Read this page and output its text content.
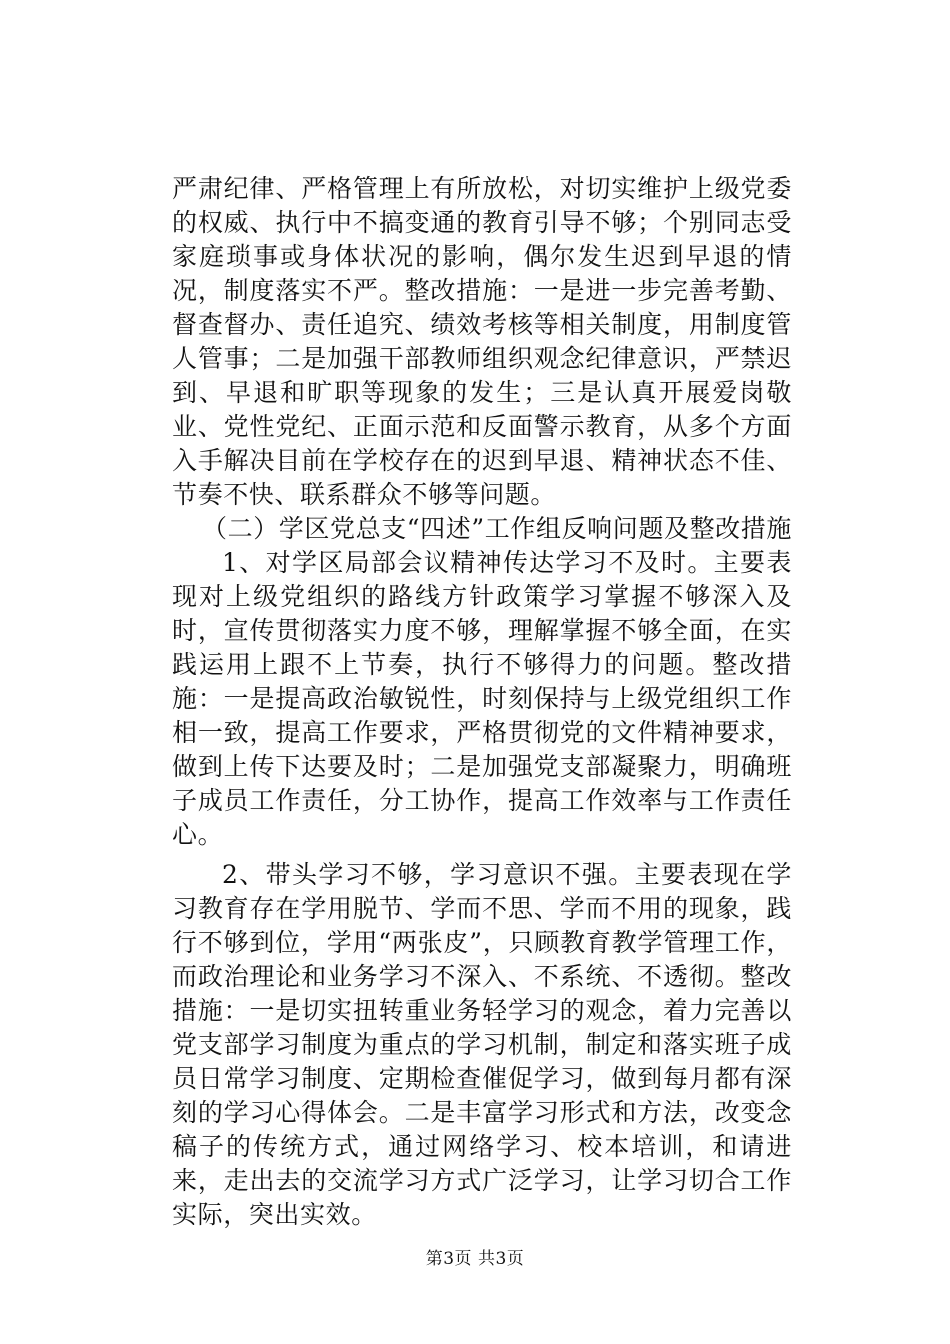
严肃纪律、严格管理上有所放松，对切实维护上级党委的权威、执行中不搞变通的教育引导不够；个别同志受家庭琐事或身体状况的影响，偶尔发生迟到早退的情况，制度落实不严。整改措施：一是进一步完善考勤、督查督办、责任追究、绩效考核等相关制度，用制度管人管事；二是加强干部教师组织观念纪律意识，严禁迟到、早退和旷职等现象的发生；三是认真开展爱岗敬业、党性党纪、正面示范和反面警示教育，从多个方面入手解决目前在学校存在的迟到早退、精神状态不佳、节奏不快、联系群众不够等问题。

（二）学区党总支“四述”工作组反响问题及整改措施

1、对学区局部会议精神传达学习不及时。主要表现对上级党组织的路线方针政策学习掌握不够深入及时，宣传贯彻落实力度不够，理解掌握不够全面，在实践运用上跟不上节奏，执行不够得力的问题。整改措施：一是提高政治敏锐性，时刻保持与上级党组织工作相一致，提高工作要求，严格贯彻党的文件精神要求，做到上传下达要及时；二是加强党支部凝聚力，明确班子成员工作责任，分工协作，提高工作效率与工作责任心。

2、带头学习不够，学习意识不强。主要表现在学习教育存在学用脱节、学而不思、学而不用的现象，践行不够到位，学用“两张皮”，只顾教育教学管理工作，而政治理论和业务学习不深入、不系统、不透彻。整改措施：一是切实扭转重业务轻学习的观念，着力完善以党支部学习制度为重点的学习机制，制定和落实班子成员日常学习制度、定期检查催促学习，做到每月都有深刻的学习心得体会。二是丰富学习形式和方法，改变念稿子的传统方式，通过网络学习、校本培训，和请进来，走出去的交流学习方式广泛学习，让学习切合工作实际，突出实效。

第3页 共3页
